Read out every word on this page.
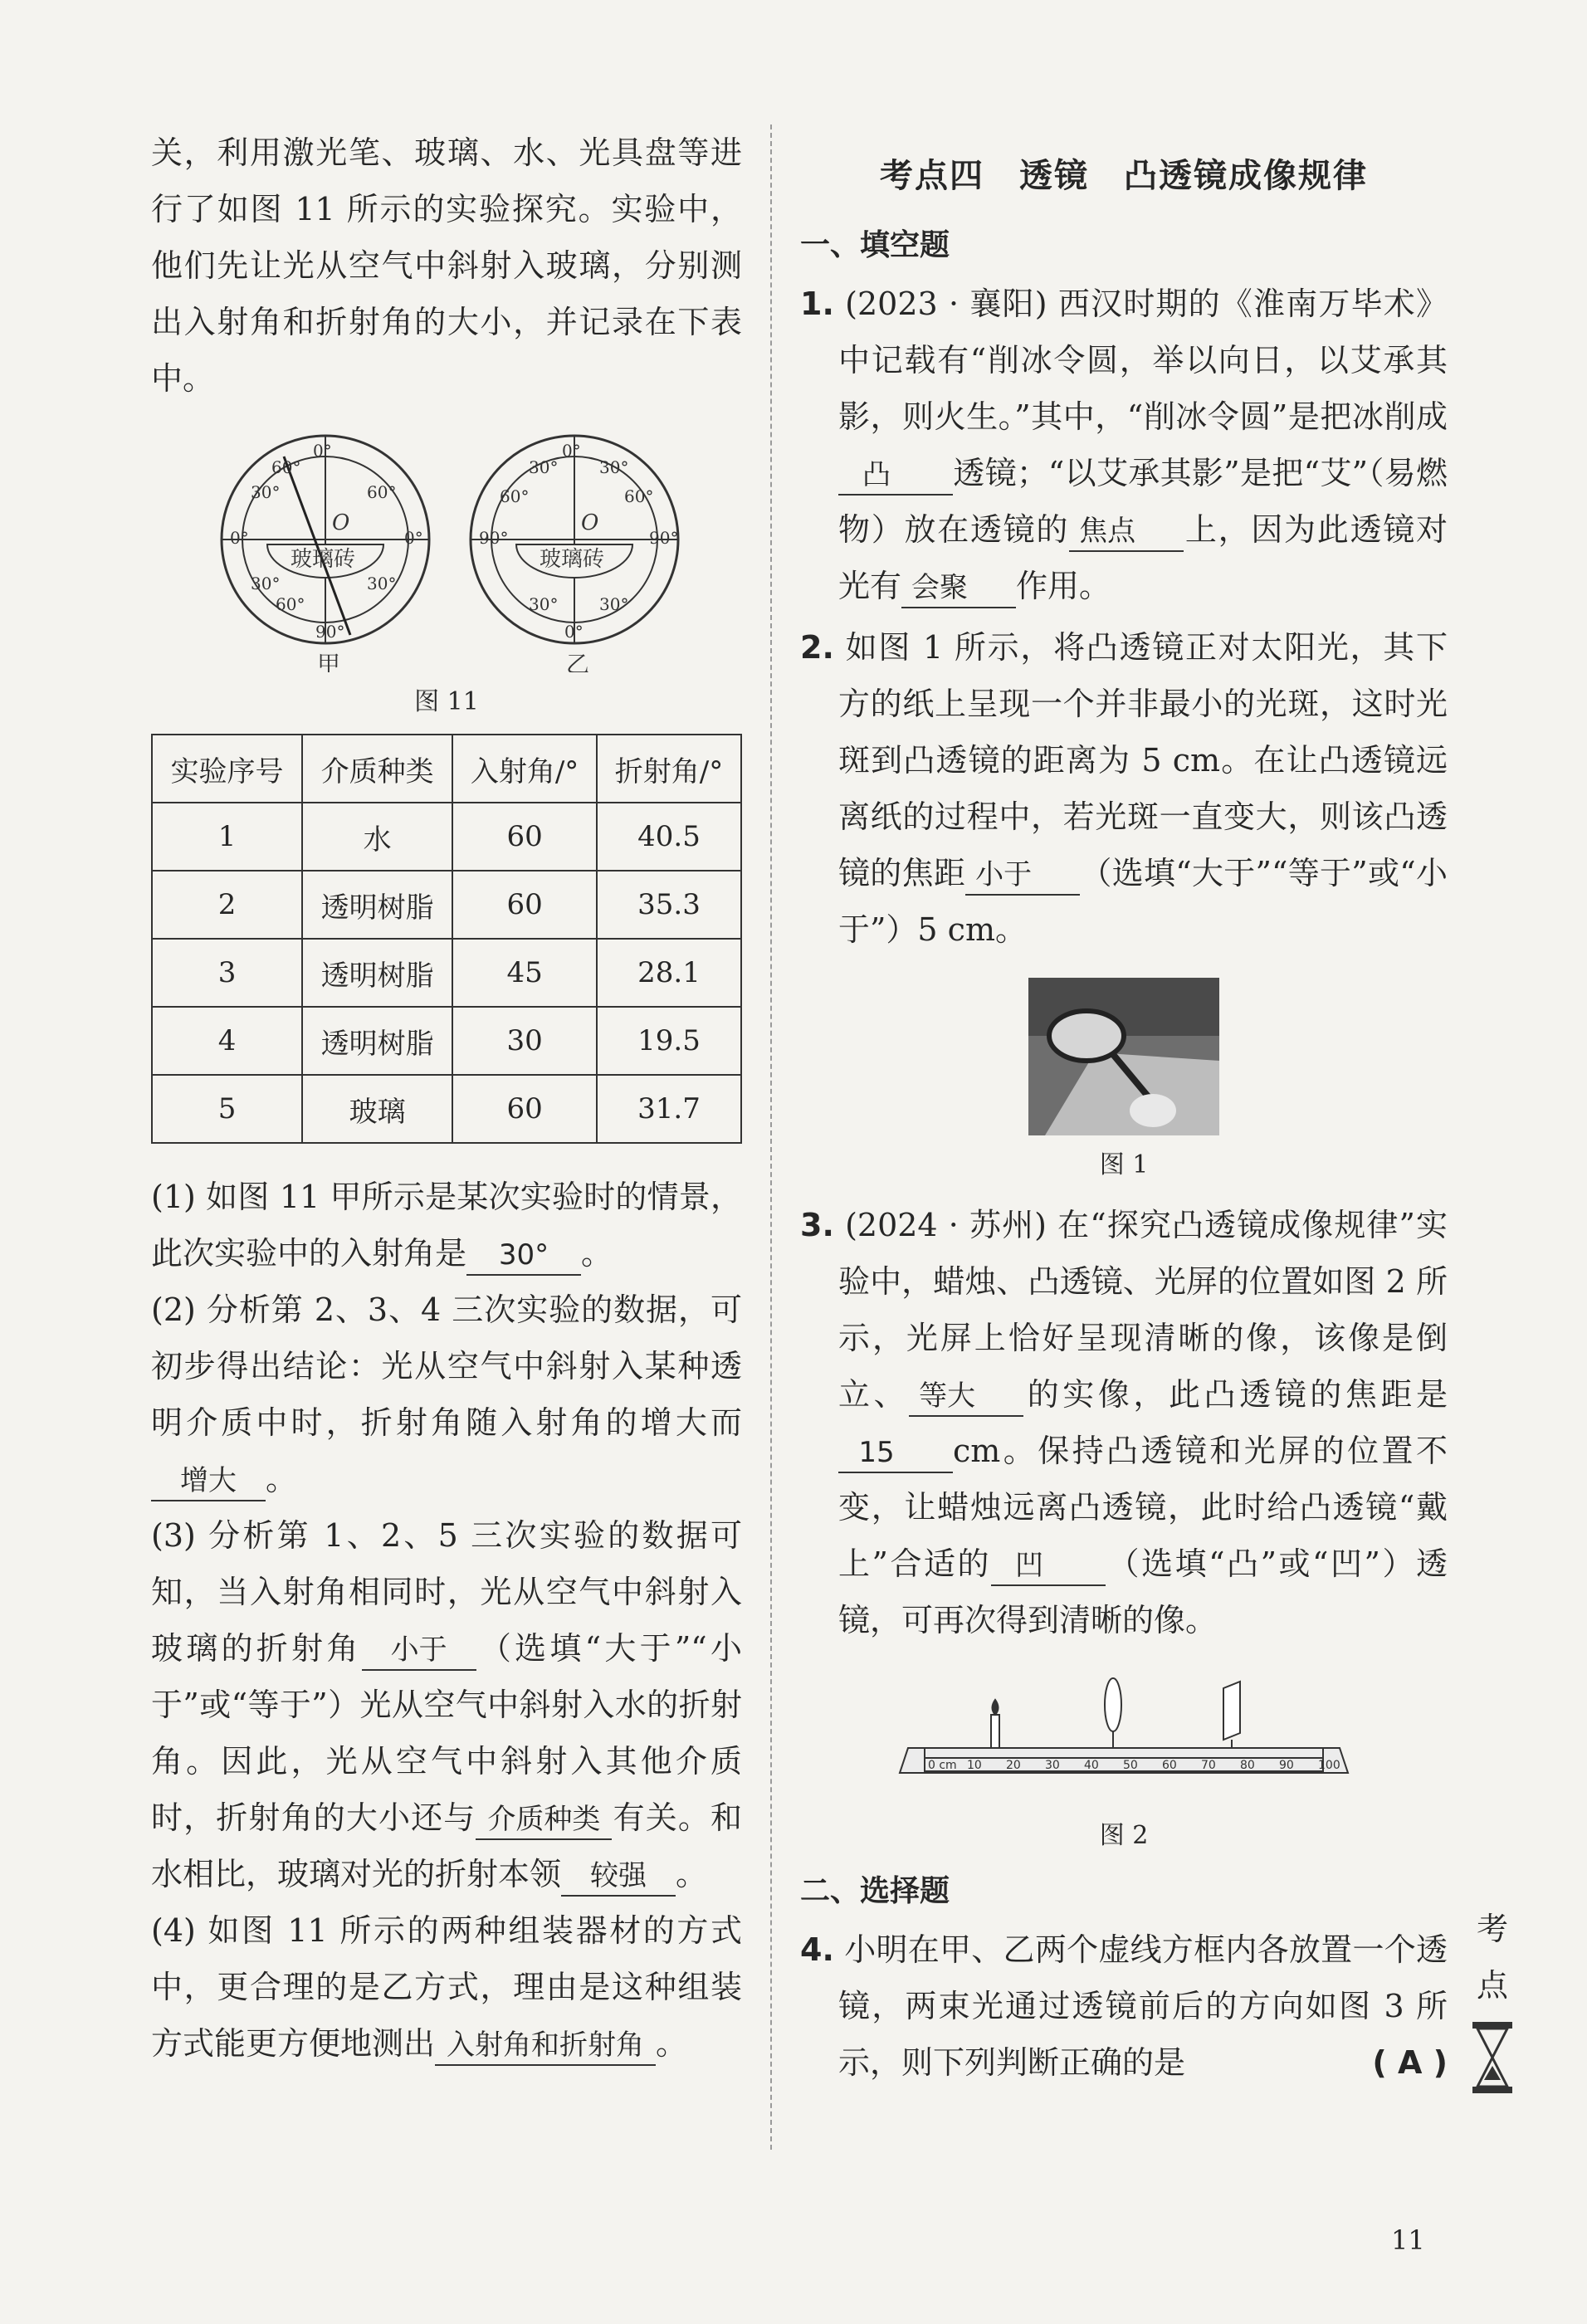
关，利用激光笔、玻璃、水、光具盘等进行了如图 11 所示的实验探究。实验中，他们先让光从空气中斜射入玻璃，分别测出入射角和折射角的大小，并记录在下表中。

0°
90°
0°	0°
30°	60°
30°	30°
60°
60°
O
玻璃砖
0°
0°
90°	90°
30° 30°
60°	60°
30° 30°
O
玻璃砖
甲	乙
图 11
实验序号	介质种类	入射角/°	折射角/°
1	水	60	40.5
2	透明树脂	60	35.3
3	透明树脂	45	28.1
4	透明树脂	30	19.5
5	玻璃	60	31.7

(1) 如图 11 甲所示是某次实验时的情景，此次实验中的入射角是 30° 。

(2) 分析第 2、3、4 三次实验的数据，可初步得出结论：光从空气中斜射入某种透明介质中时，折射角随入射角的增大而增大 。

(3) 分析第 1、2、5 三次实验的数据可知，当入射角相同时，光从空气中斜射入玻璃的折射角 小于 （选填“大于”“小于”或“等于”）光从空气中斜射入水的折射角。因此，光从空气中斜射入其他介质时，折射角的大小还与 介质种类 有关。和水相比，玻璃对光的折射本领 较强 。

(4) 如图 11 所示的两种组装器材的方式中，更合理的是乙方式，理由是这种组装方式能更方便地测出 入射角和折射角 。

考点四　透镜　凸透镜成像规律
一、填空题

1. (2023 · 襄阳) 西汉时期的《淮南万毕术》中记载有“削冰令圆，举以向日，以艾承其影，则火生。”其中，“削冰令圆”是把冰削成凸 透镜；“以艾承其影”是把“艾”（易燃物）放在透镜的 焦点 上，因为此透镜对光有 会聚 作用。

2. 如图 1 所示，将凸透镜正对太阳光，其下方的纸上呈现一个并非最小的光斑，这时光斑到凸透镜的距离为 5 cm。在让凸透镜远离纸的过程中，若光斑一直变大，则该凸透镜的焦距 小于 （选填“大于”“等于”或“小于”）5 cm。

图 1

3. (2024 · 苏州) 在“探究凸透镜成像规律”实验中，蜡烛、凸透镜、光屏的位置如图 2 所示，光屏上恰好呈现清晰的像，该像是倒立、 等大 的实像，此凸透镜的焦距是15 cm。保持凸透镜和光屏的位置不变，让蜡烛远离凸透镜，此时给凸透镜“戴上”合适的 凹 （选填“凸”或“凹”）透镜，可再次得到清晰的像。

0 cm 10 20 30 40 50 60 70 80 90 100
图 2
二、选择题

4. 小明在甲、乙两个虚线方框内各放置一个透镜，两束光通过透镜前后的方向如图 3 所示，则下列判断正确的是	( A )

考
点
11
